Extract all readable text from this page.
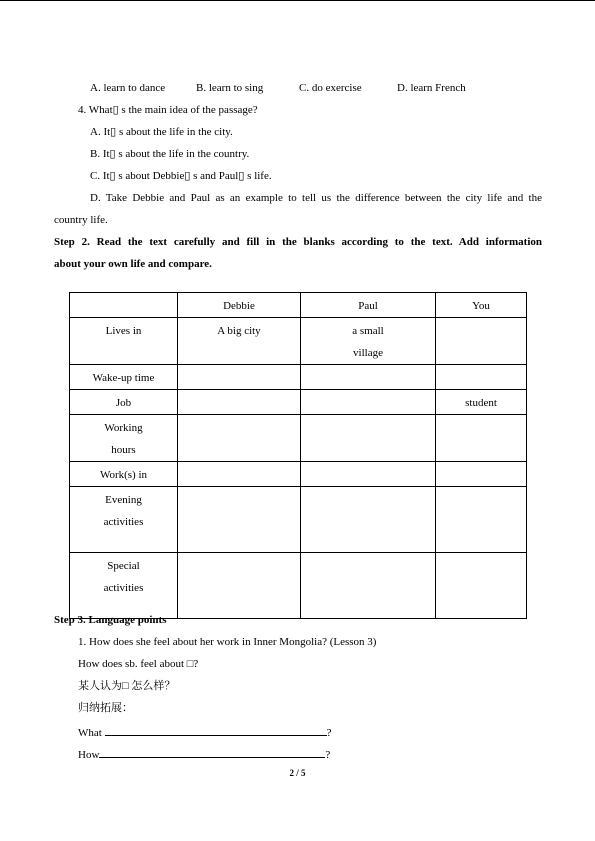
A. learn to dance	B. learn to sing	C. do exercise	D. learn French
4. What▯ s the main idea of the passage?
A. It▯ s about the life in the city.
B. It▯ s about the life in the country.
C. It▯ s about Debbie▯ s and Paul▯ s life.
D. Take Debbie and Paul as an example to tell us the difference between the city life and the
country life.
Step 2. Read the text carefully and fill in the blanks according to the text. Add information
about your own life and compare.
	Debbie	Paul	You

Lives in	A big city	a small
village	

Wake-up time			

Job			student

Working
hours			

Work(s) in			

Evening
activities			

Special
activities			

Step 3. Language points
1. How does she feel about her work in Inner Mongolia? (Lesson 3)
How does sb. feel about □?
某人认为□ 怎么样？
归纳拓展：
What	?
How	?
2 / 5
